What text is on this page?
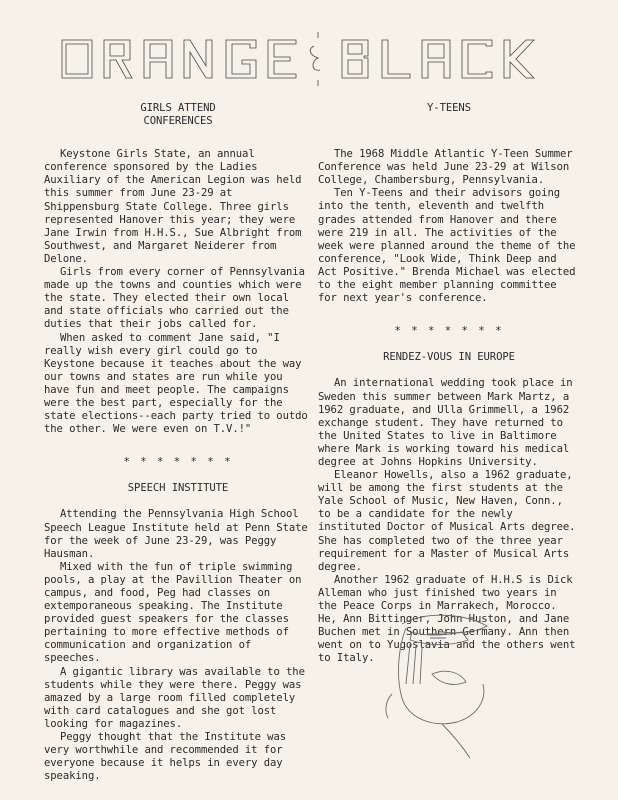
GIRLS ATTEND

CONFERENCES

Keystone Girls State, an annual conference sponsored by the Ladies Auxiliary of the American Legion was held this summer from June 23-29 at Shippensburg State College. Three girls represented Hanover this year; they were Jane Irwin from H.H.S., Sue Albright from Southwest, and Margaret Neiderer from Delone.

Girls from every corner of Pennsylvania made up the towns and counties which were the state. They elected their own local and state officials who carried out the duties that their jobs called for.

When asked to comment Jane said, "I really wish every girl could go to Keystone because it teaches about the way our towns and states are run while you have fun and meet people. The campaigns were the best part, especially for the state elections--each party tried to outdo the other. We were even on T.V.!"

* * * * * * *

SPEECH INSTITUTE

Attending the Pennsylvania High School Speech League Institute held at Penn State for the week of June 23-29, was Peggy Hausman.

Mixed with the fun of triple swimming pools, a play at the Pavillion Theater on campus, and food, Peg had classes on extemporaneous speaking. The Institute provided guest speakers for the classes pertaining to more effective methods of communication and organization of speeches.

A gigantic library was available to the students while they were there. Peggy was amazed by a large room filled completely with card catalogues and she got lost looking for magazines.

Peggy thought that the Institute was very worthwhile and recommended it for everyone because it helps in every day speaking.

Y-TEENS

The 1968 Middle Atlantic Y-Teen Summer Conference was held June 23-29 at Wilson College, Chambersburg, Pennsylvania.

Ten Y-Teens and their advisors going into the tenth, eleventh and twelfth grades attended from Hanover and there were 219 in all. The activities of the week were planned around the theme of the conference, "Look Wide, Think Deep and Act Positive." Brenda Michael was elected to the eight member planning committee for next year's conference.

* * * * * * *

RENDEZ-VOUS IN EUROPE

An international wedding took place in Sweden this summer between Mark Martz, a 1962 graduate, and Ulla Grimmell, a 1962 exchange student. They have returned to the United States to live in Baltimore where Mark is working toward his medical degree at Johns Hopkins University.

Eleanor Howells, also a 1962 graduate, will be among the first students at the Yale School of Music, New Haven, Conn., to be a candidate for the newly instituted Doctor of Musical Arts degree. She has completed two of the three year requirement for a Master of Musical Arts degree.

Another 1962 graduate of H.H.S is Dick Alleman who just finished two years in the Peace Corps in Marrakech, Morocco. He, Ann Bittinger, John Huston, and Jane Buchen met in Southern Germany. Ann then went on to Yugoslavia and the others went to Italy.
